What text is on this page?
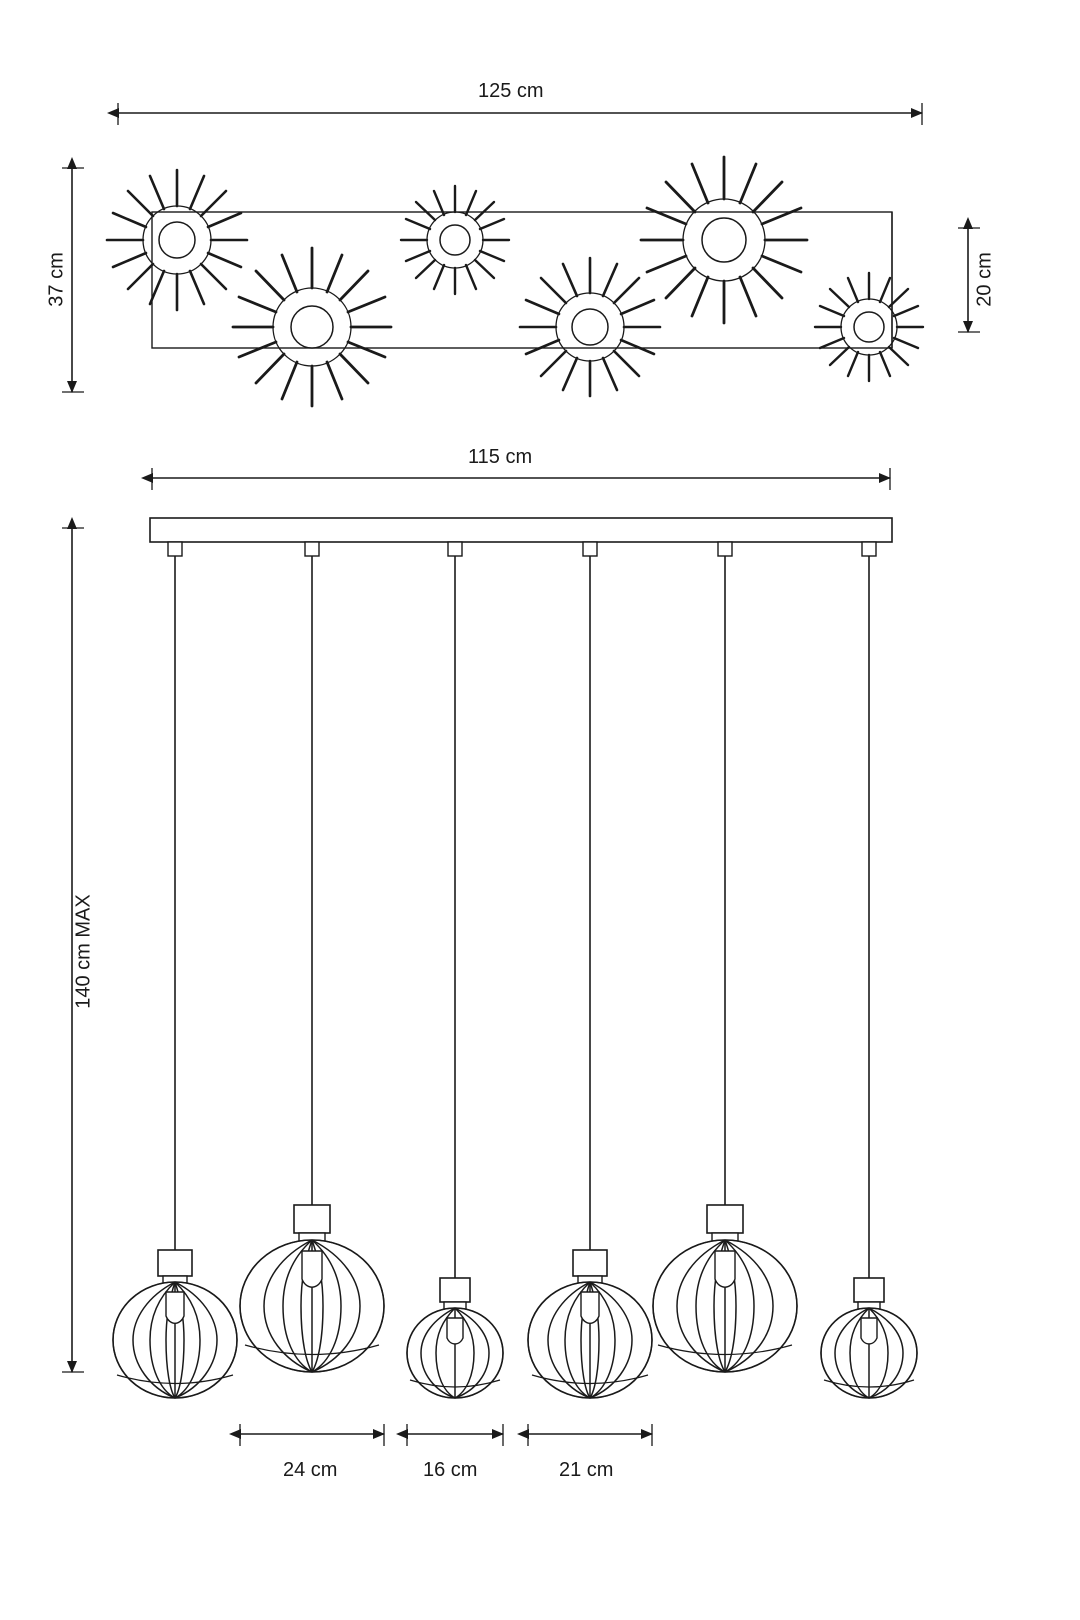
125 cm
37 cm	20 cm
115 cm
140 cm MAX
24 cm	16 cm	21 cm
